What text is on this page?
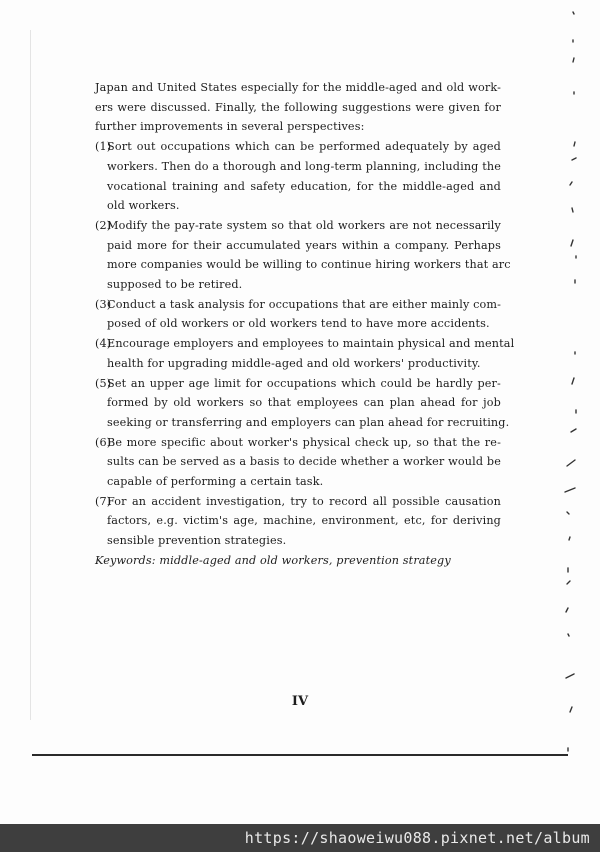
Japan and United States especially for the middle-aged and old work-
ers were discussed. Finally, the following suggestions were given for
further improvements in several perspectives:
(1)
Sort out occupations which can be performed adequately by aged
workers. Then do a thorough and long-term planning, including the
vocational training and safety education, for the middle-aged and
old workers.
(2)
Modify the pay-rate system so that old workers are not necessarily
paid more for their accumulated years within a company. Perhaps
more companies would be willing to continue hiring workers that arc
supposed to be retired.
(3)
Conduct a task analysis for occupations that are either mainly com-
posed of old workers or old workers tend to have more accidents.
(4)
Encourage employers and employees to maintain physical and mental
health for upgrading middle-aged and old workers' productivity.
(5)
Set an upper age limit for occupations which could be hardly per-
formed by old workers so that employees can plan ahead for job
seeking or transferring and employers can plan ahead for recruiting.
(6)
Be more specific about worker's physical check up, so that the re-
sults can be served as a basis to decide whether a worker would be
capable of performing a certain task.
(7)
For an accident investigation, try to record all possible causation
factors, e.g. victim's age, machine, environment, etc, for deriving
sensible prevention strategies.
Keywords: middle-aged and old workers, prevention strategy
IV
https://shaoweiwu088.pixnet.net/album
